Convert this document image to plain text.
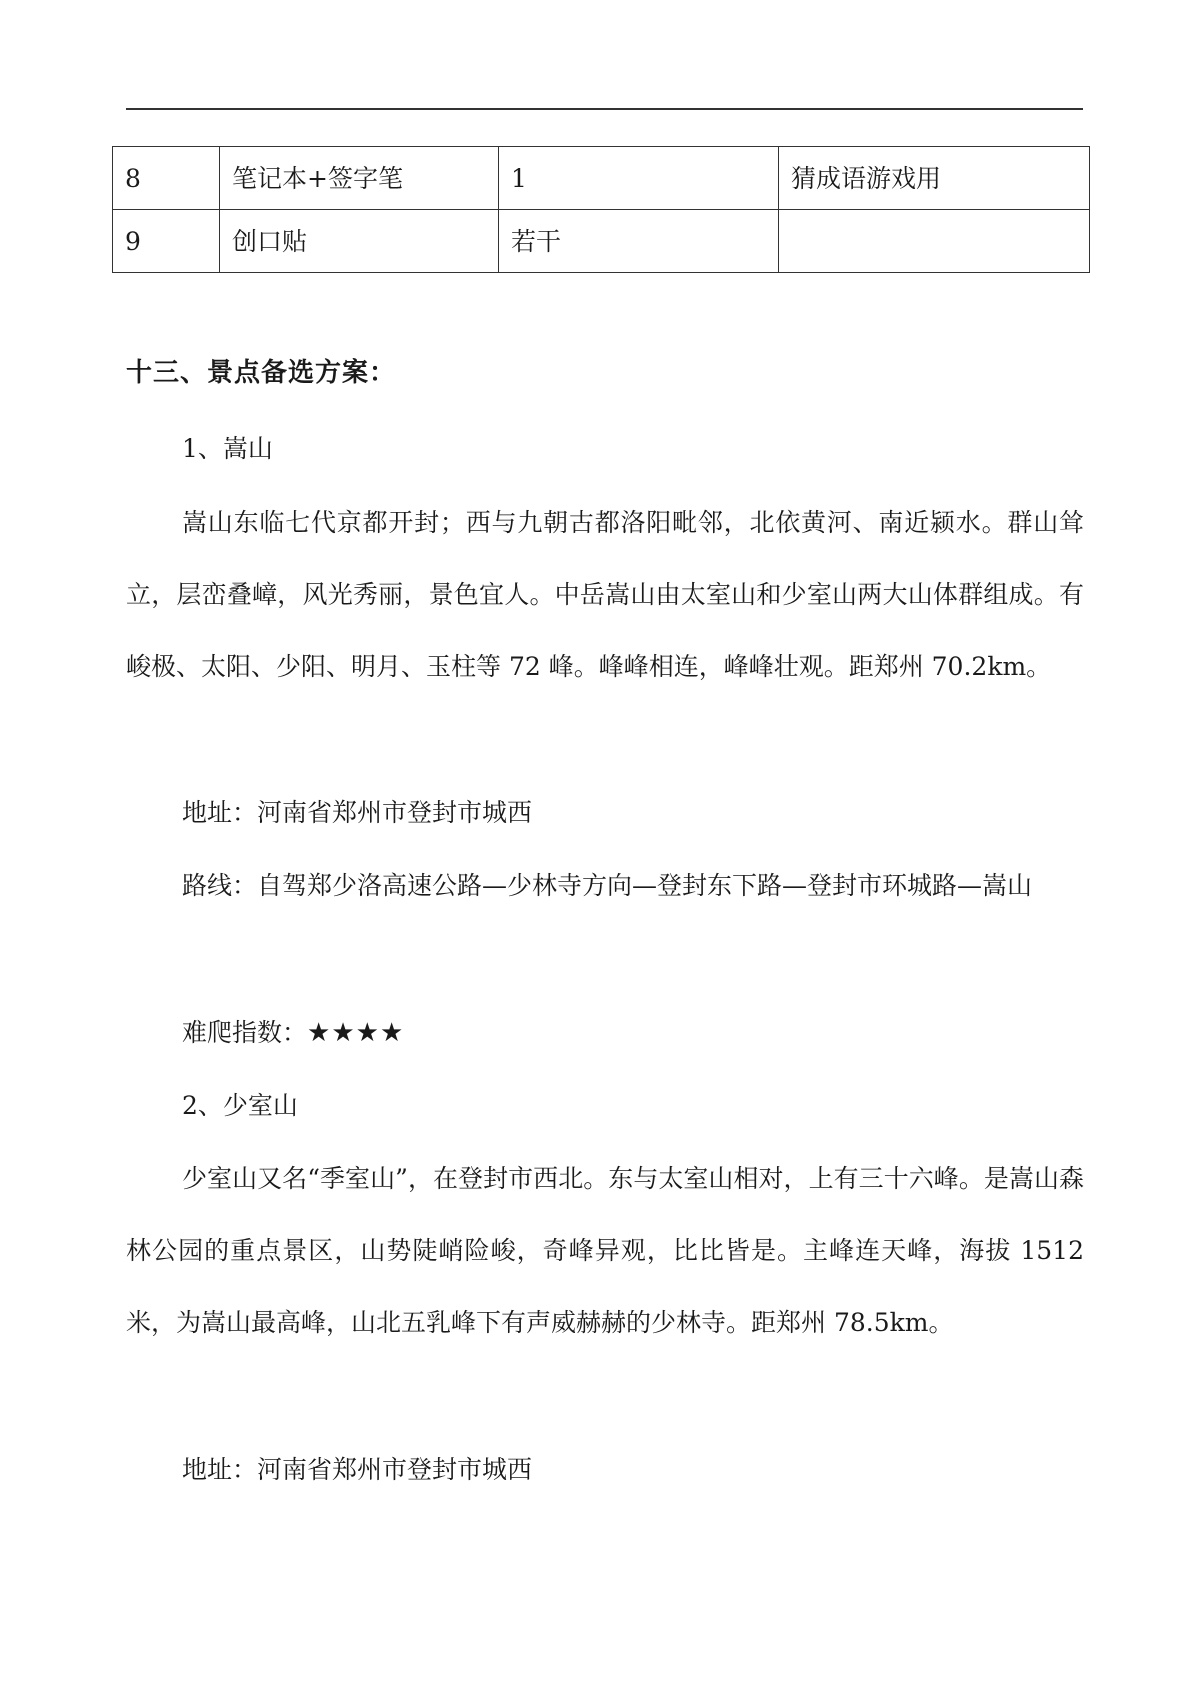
8	笔记本+签字笔	1	猜成语游戏用
9	创口贴	若干	
十三、景点备选方案：

1、嵩山

嵩山东临七代京都开封；西与九朝古都洛阳毗邻，北依黄河、南近颍水。群山耸立，层峦叠嶂，风光秀丽，景色宜人。中岳嵩山由太室山和少室山两大山体群组成。有峻极、太阳、少阳、明月、玉柱等 72 峰。峰峰相连，峰峰壮观。距郑州 70.2km。

地址：河南省郑州市登封市城西

路线：自驾郑少洛高速公路—少林寺方向—登封东下路—登封市环城路—嵩山

难爬指数：★★★★

2、少室山

少室山又名“季室山”，在登封市西北。东与太室山相对，上有三十六峰。是嵩山森林公园的重点景区，山势陡峭险峻，奇峰异观，比比皆是。主峰连天峰，海拔 1512 米，为嵩山最高峰，山北五乳峰下有声威赫赫的少林寺。距郑州 78.5km。

地址：河南省郑州市登封市城西
